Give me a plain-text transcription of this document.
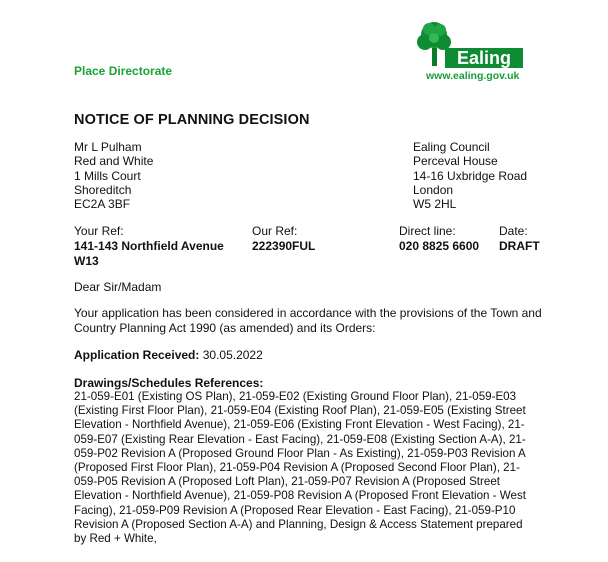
Place Directorate
Ealing
www.ealing.gov.uk
NOTICE OF PLANNING DECISION
Mr L Pulham
Red and White
1 Mills Court
Shoreditch
EC2A 3BF
Ealing Council
Perceval House
14-16 Uxbridge Road
London
W5 2HL
Your Ref:
141-143 Northfield Avenue
W13
Our Ref:
222390FUL
Direct line:
020 8825 6600
Date:
DRAFT
Dear Sir/Madam
Your application has been considered in accordance with the provisions of the Town and Country Planning Act 1990 (as amended) and its Orders:
Application Received: 30.05.2022
Drawings/Schedules References:
21-059-E01 (Existing OS Plan), 21-059-E02 (Existing Ground Floor Plan), 21-059-E03 (Existing First Floor Plan), 21-059-E04 (Existing Roof Plan), 21-059-E05 (Existing Street Elevation - Northfield Avenue), 21-059-E06 (Existing Front Elevation - West Facing), 21-059-E07 (Existing Rear Elevation - East Facing), 21-059-E08 (Existing Section A-A), 21-059-P02 Revision A (Proposed Ground Floor Plan - As Existing), 21-059-P03 Revision A (Proposed First Floor Plan), 21-059-P04 Revision A (Proposed Second Floor Plan), 21-059-P05 Revision A (Proposed Loft Plan), 21-059-P07 Revision A (Proposed Street Elevation - Northfield Avenue), 21-059-P08 Revision A (Proposed Front Elevation - West Facing), 21-059-P09 Revision A (Proposed Rear Elevation - East Facing), 21-059-P10 Revision A (Proposed Section A-A) and Planning, Design & Access Statement prepared by Red + White,
